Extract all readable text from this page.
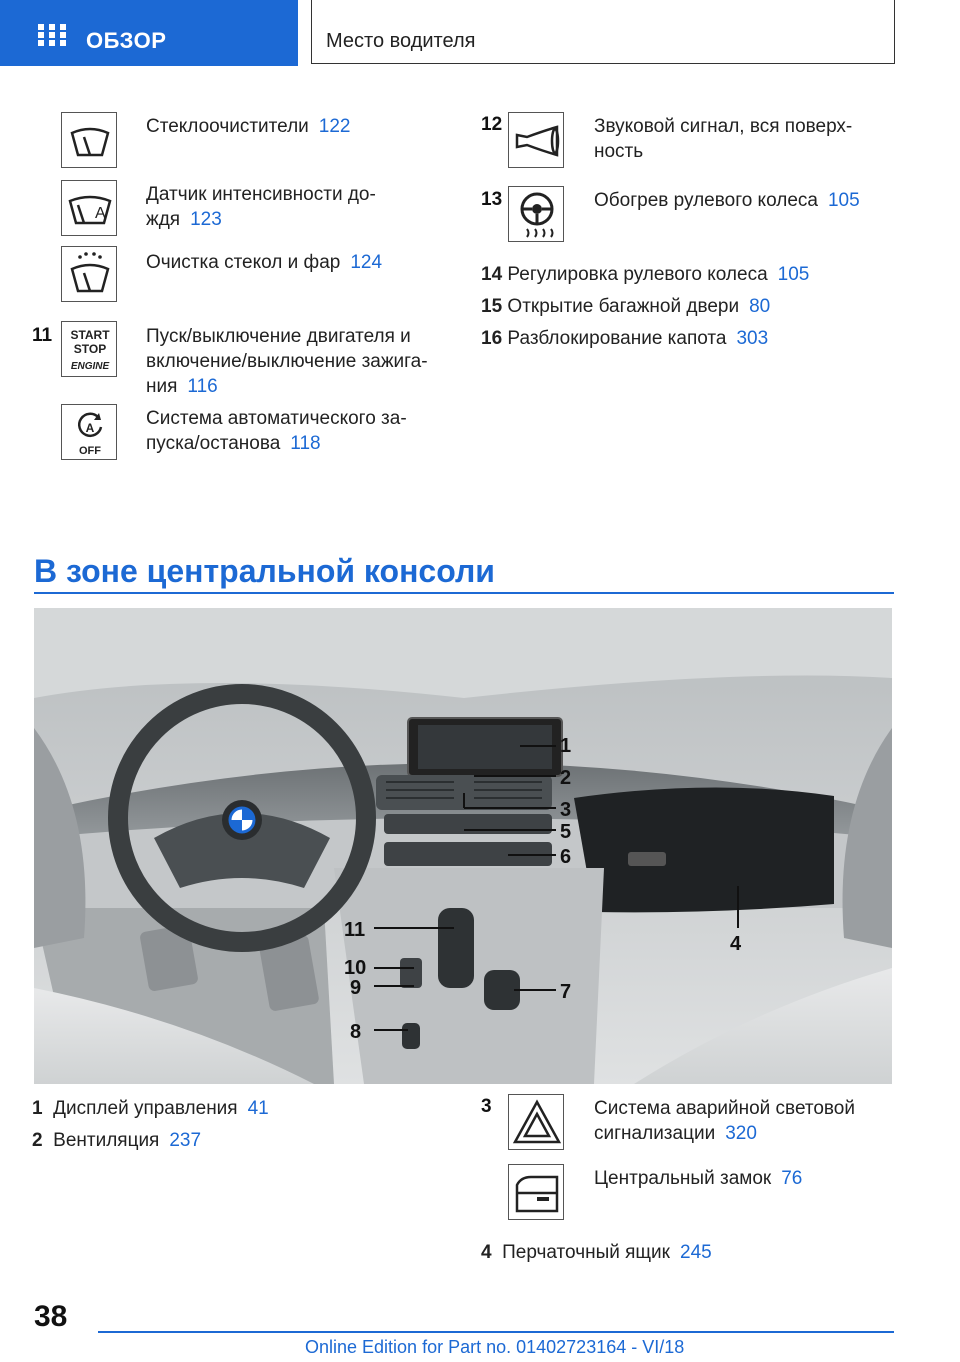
ОБЗОР	Место водителя
Стеклоочистители 122
A
Датчик интенсивности до-
ждя 123
Очистка стекол и фар 124
11 START
STOP
ENGINE
Пуск/выключение двигателя и
включение/выключение зажига-
ния 116
A
OFF
Система автоматического за-
пуска/останова 118
12	Звуковой сигнал, вся поверх-
ность
13	Обогрев рулевого колеса 105
14 Регулировка рулевого колеса 105
15 Открытие багажной двери 80
16 Разблокирование капота 303
В зоне центральной консоли
1
2
3
5
6
4
11
10
9	7
8
1 Дисплей управления 41
2 Вентиляция 237
3	Система аварийной световой
сигнализации 320
Центральный замок 76
4 Перчаточный ящик 245
38
Online Edition for Part no. 01402723164 - VI/18
